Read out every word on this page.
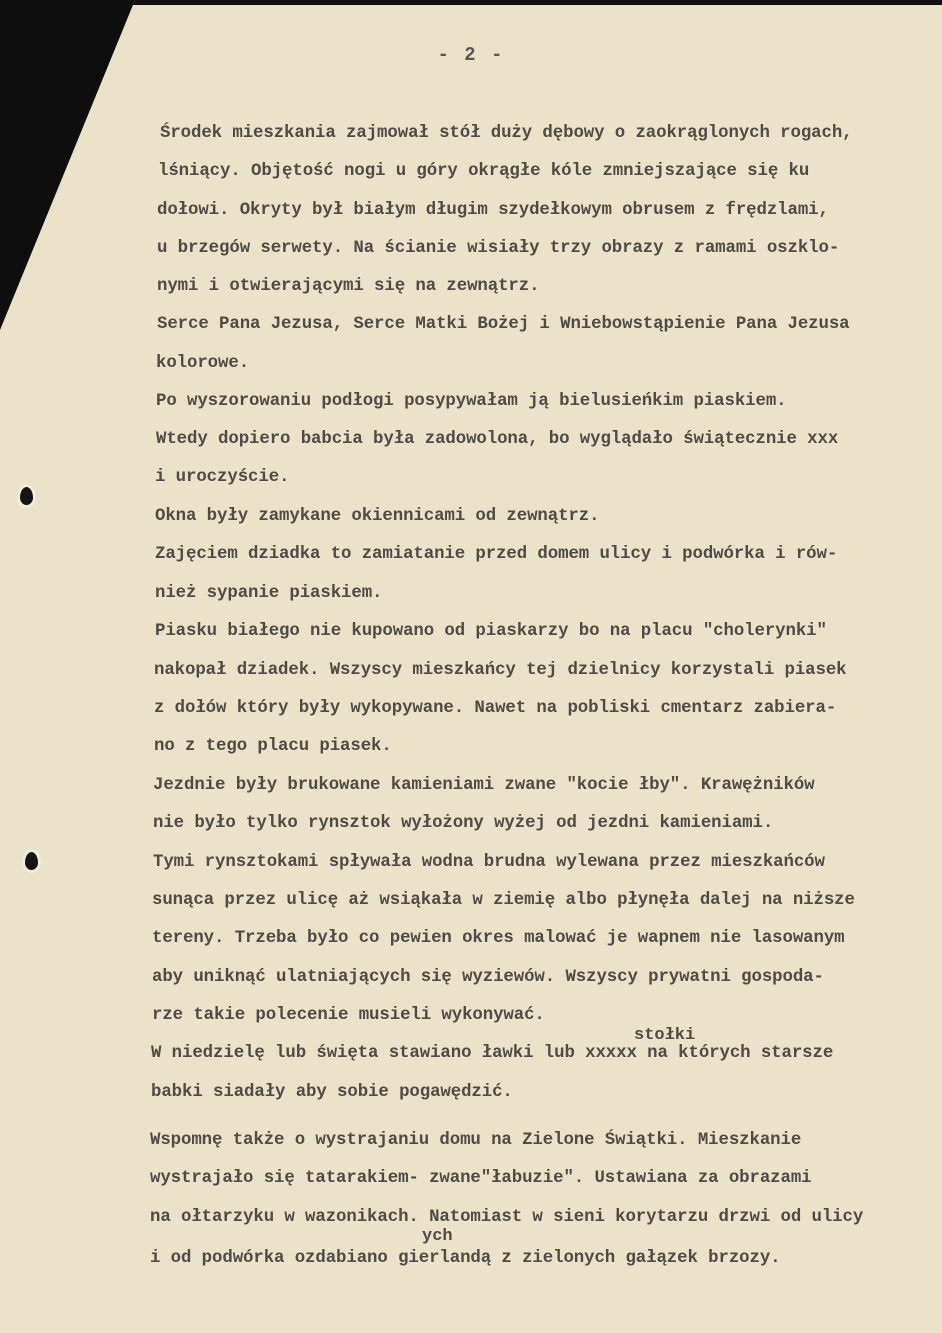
- 2 -
Środek mieszkania zajmował stół duży dębowy o zaokrąglonych rogach,
lśniący. Objętość nogi u góry okrągłe kóle zmniejszające się ku
dołowi. Okryty był białym długim szydełkowym obrusem z frędzlami,
u brzegów serwety. Na ścianie wisiały trzy obrazy z ramami oszklo-
nymi i otwierającymi się na zewnątrz.
Serce Pana Jezusa, Serce Matki Bożej i Wniebowstąpienie Pana Jezusa
kolorowe.
Po wyszorowaniu podłogi posypywałam ją bielusieńkim piaskiem.
Wtedy dopiero babcia była zadowolona, bo wyglądało świątecznie xxx
i uroczyście.
Okna były zamykane okiennicami od zewnątrz.
Zajęciem dziadka to zamiatanie przed domem ulicy i podwórka i rów-
nież sypanie piaskiem.
Piasku białego nie kupowano od piaskarzy bo na placu "cholerynki"
nakopał dziadek. Wszyscy mieszkańcy tej dzielnicy korzystali piasek
z dołów który były wykopywane. Nawet na pobliski cmentarz zabiera-
no z tego placu piasek.
Jezdnie były brukowane kamieniami zwane "kocie łby". Krawężników
nie było tylko rynsztok wyłożony wyżej od jezdni kamieniami.
Tymi rynsztokami spływała wodna brudna wylewana przez mieszkańców
sunąca przez ulicę aż wsiąkała w ziemię albo płynęła dalej na niższe
tereny. Trzeba było co pewien okres malować je wapnem nie lasowanym
aby uniknąć ulatniających się wyziewów. Wszyscy prywatni gospoda-
rze takie polecenie musieli wykonywać.
stołki
W niedzielę lub święta stawiano ławki lub xxxxx na których starsze
babki siadały aby sobie pogawędzić.
Wspomnę także o wystrajaniu domu na Zielone Świątki. Mieszkanie
wystrajało się tatarakiem- zwane"łabuzie". Ustawiana za obrazami
na ołtarzyku w wazonikach. Natomiast w sieni korytarzu drzwi od ulicy
ych
i od podwórka ozdabiano gierlandą z zielonych gałązek brzozy.
